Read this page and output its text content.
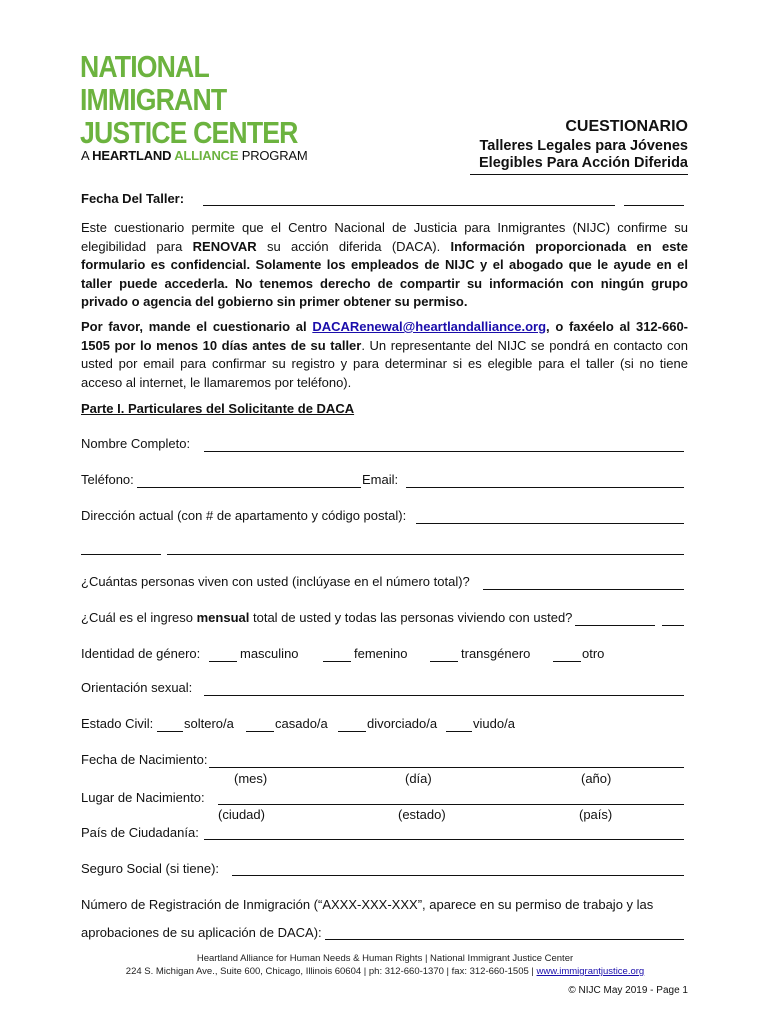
NATIONAL
IMMIGRANT
JUSTICE CENTER
A HEARTLAND ALLIANCE PROGRAM
CUESTIONARIO
Talleres Legales para Jóvenes
Elegibles Para Acción Diferida
Fecha Del Taller:
Este cuestionario permite que el Centro Nacional de Justicia para Inmigrantes (NIJC) confirme su elegibilidad para RENOVAR su acción diferida (DACA). Información proporcionada en este formulario es confidencial. Solamente los empleados de NIJC y el abogado que le ayude en el taller puede accederla. No tenemos derecho de compartir su información con ningún grupo privado o agencia del gobierno sin primer obtener su permiso.
Por favor, mande el cuestionario al DACARenewal@heartlandalliance.org, o faxéelo al 312-660-1505 por lo menos 10 días antes de su taller. Un representante del NIJC se pondrá en contacto con usted por email para confirmar su registro y para determinar si es elegible para el taller (si no tiene acceso al internet, le llamaremos por teléfono).
Parte I. Particulares del Solicitante de DACA
Nombre Completo:
Teléfono:	Email:
Dirección actual (con # de apartamento y código postal):
¿Cuántas personas viven con usted (inclúyase en el número total)?
¿Cuál es el ingreso mensual total de usted y todas las personas viviendo con usted?
Identidad de género:	masculino	femenino	transgénero	otro
Orientación sexual:
Estado Civil: soltero/a	casado/a	divorciado/a	viudo/a
Fecha de Nacimiento:
(mes)	(día)	(año)
Lugar de Nacimiento:
(ciudad)	(estado)	(país)
País de Ciudadanía:
Seguro Social (si tiene):
Número de Registración de Inmigración (“AXXX-XXX-XXX”, aparece en su permiso de trabajo y las
aprobaciones de su aplicación de DACA):
Heartland Alliance for Human Needs & Human Rights | National Immigrant Justice Center
224 S. Michigan Ave., Suite 600, Chicago, Illinois 60604 | ph: 312-660-1370 | fax: 312-660-1505 | www.immigrantjustice.org
© NIJC May 2019 - Page 1
